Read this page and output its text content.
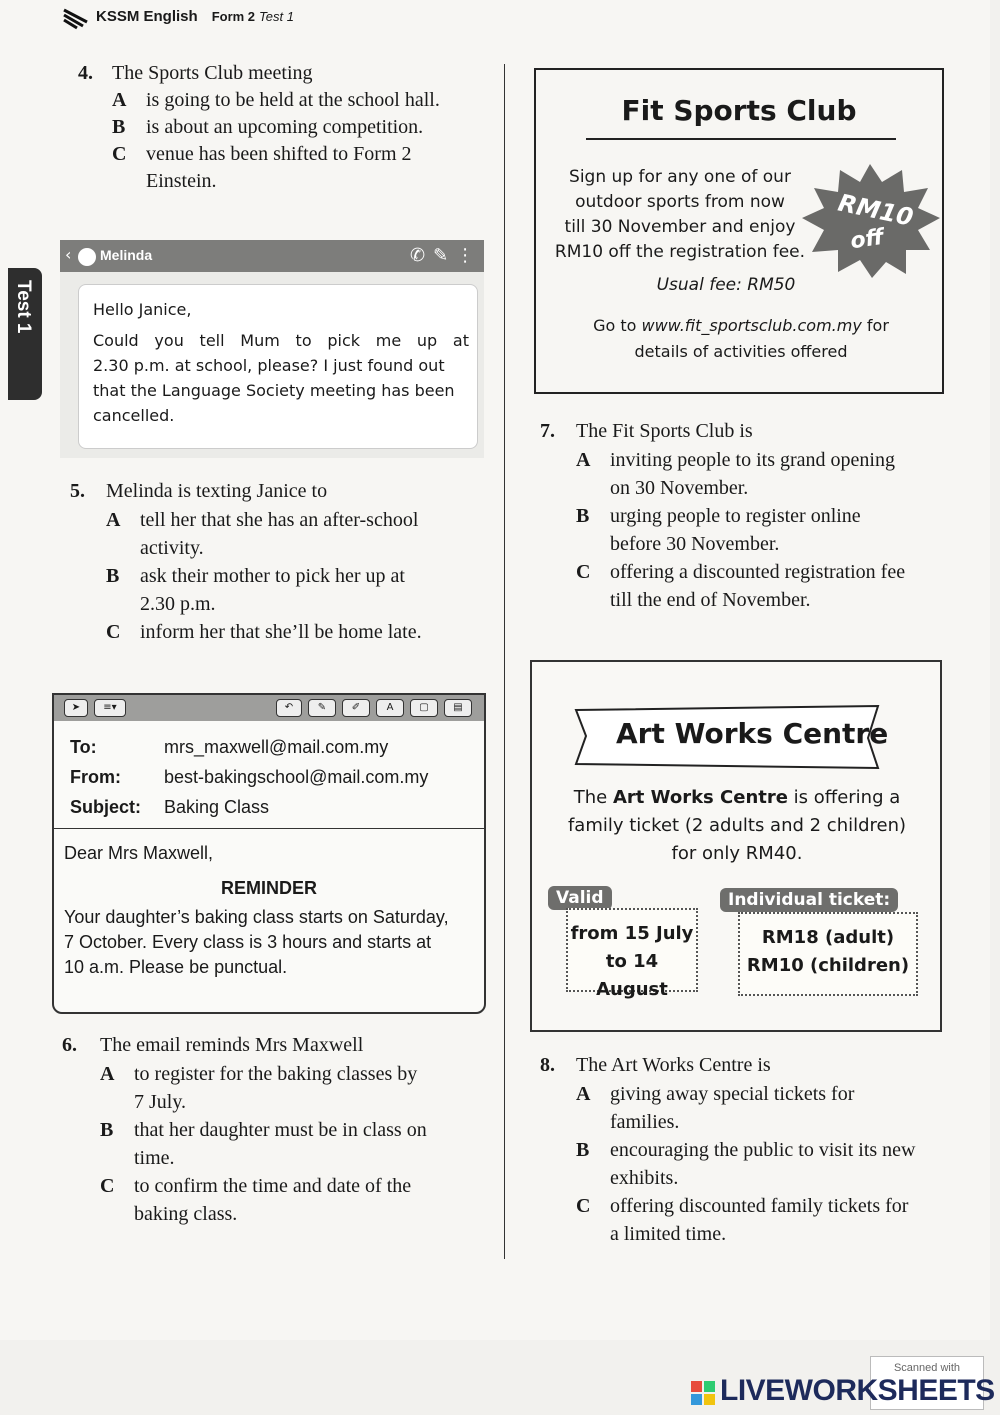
KSSM English Form 2 Test 1
Test 1
4. The Sports Club meeting
A is going to be held at the school hall.
B is about an upcoming competition.
C venue has been shifted to Form 2
Einstein.
‹ Melinda	✆✎⋮
Hello Janice,
Could you tell Mum to pick me up at
2.30 p.m. at school, please? I just found out
that the Language Society meeting has been
cancelled.
5. Melinda is texting Janice to
A tell her that she has an after-school
activity.
B ask their mother to pick her up at
2.30 p.m.
C inform her that she’ll be home late.
➤	≡▾	↶	✎	✐	A	▢	▤
To:	mrs_maxwell@mail.com.my
From: best-bakingschool@mail.com.my
Subject: Baking Class
Dear Mrs Maxwell,
REMINDER
Your daughter’s baking class starts on Saturday,
7 October. Every class is 3 hours and starts at
10 a.m. Please be punctual.
6. The email reminds Mrs Maxwell
A to register for the baking classes by
7 July.
B that her daughter must be in class on
time.
C to confirm the time and date of the
baking class.
Fit Sports Club
Sign up for any one of our
outdoor sports from now
till 30 November and enjoy
RM10 off the registration fee.
RM10
off
Usual fee: RM50
Go to www.fit_sportsclub.com.my for
details of activities offered
7. The Fit Sports Club is
A inviting people to its grand opening
on 30 November.
B urging people to register online
before 30 November.
C offering a discounted registration fee
till the end of November.
Art Works Centre
The Art Works Centre is offering a
family ticket (2 adults and 2 children)
for only RM40.
Valid
from 15 July
to 14 August
Individual ticket:
RM18 (adult)
RM10 (children)
8. The Art Works Centre is
A giving away special tickets for
families.
B encouraging the public to visit its new
exhibits.
C offering discounted family tickets for
a limited time.
Scanned with
LIVEWORKSHEETS
